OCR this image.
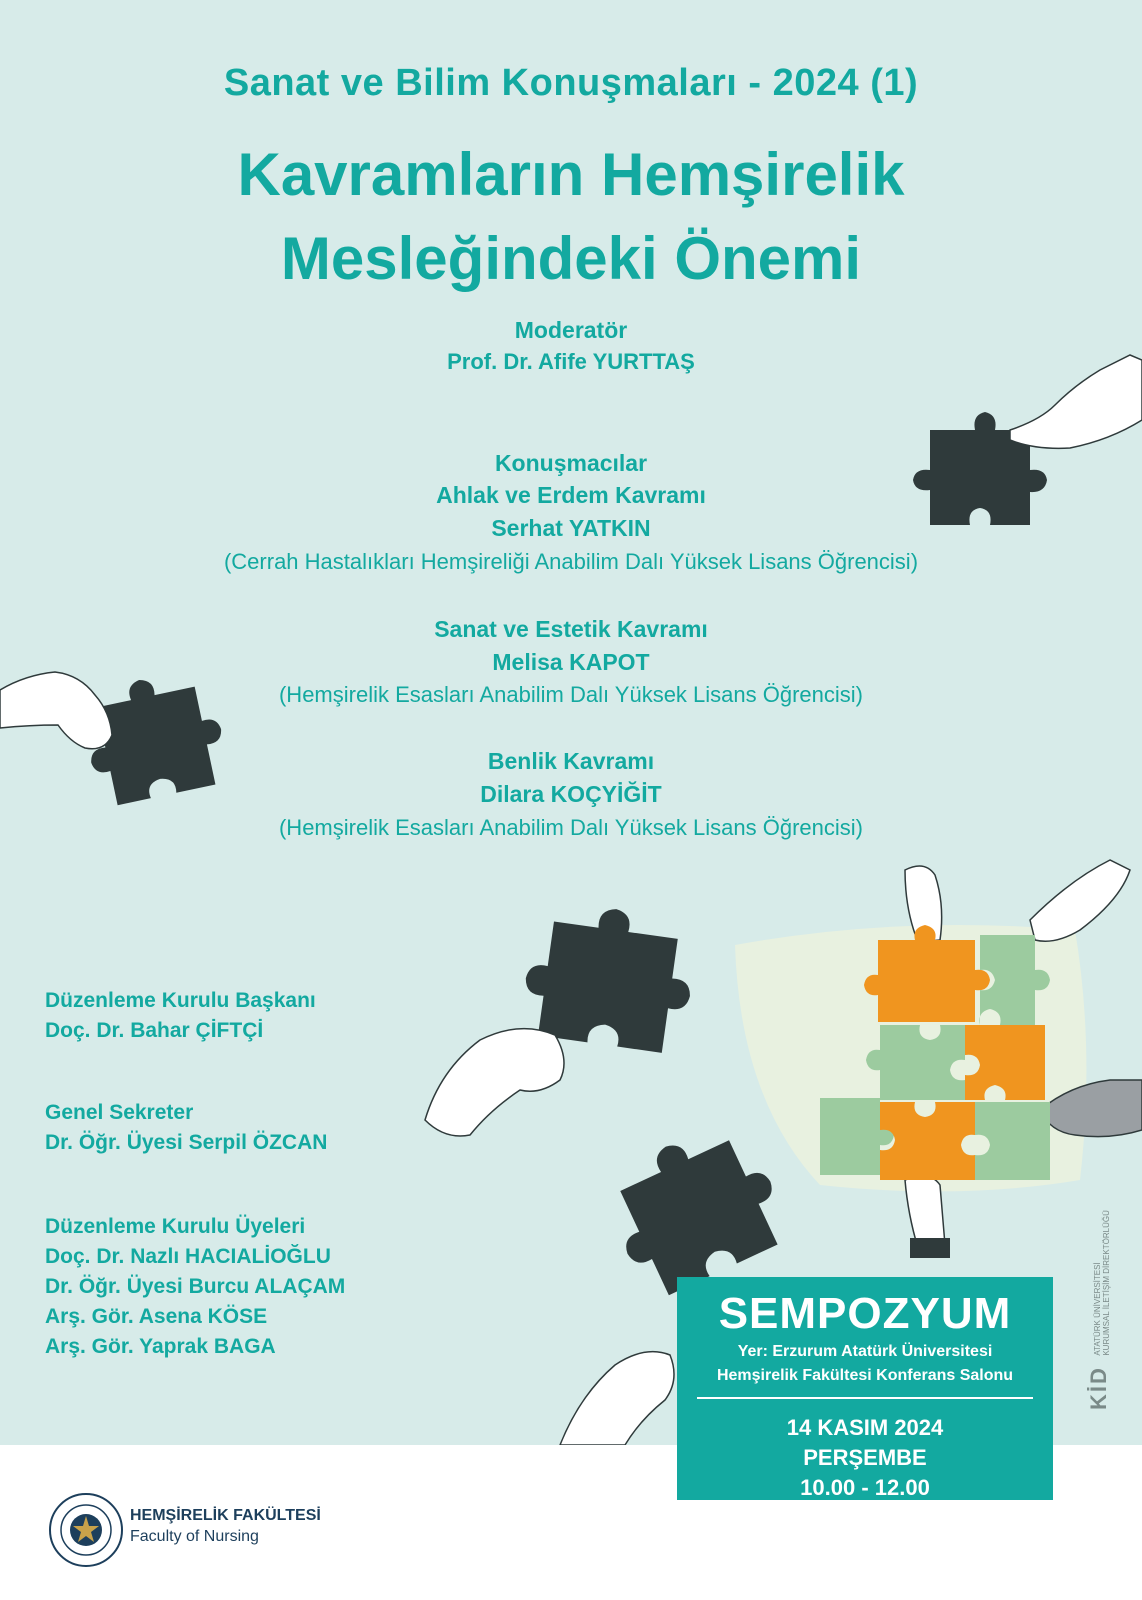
Sanat ve Bilim Konuşmaları - 2024 (1)
Kavramların Hemşirelik
Mesleğindeki Önemi
Moderatör
Prof. Dr. Afife YURTTAŞ
Konuşmacılar
Ahlak ve Erdem Kavramı
Serhat YATKIN
(Cerrah Hastalıkları Hemşireliği Anabilim Dalı Yüksek Lisans Öğrencisi)
Sanat ve Estetik Kavramı
Melisa KAPOT
(Hemşirelik Esasları Anabilim Dalı Yüksek Lisans Öğrencisi)
Benlik Kavramı
Dilara KOÇYİĞİT
(Hemşirelik Esasları Anabilim Dalı Yüksek Lisans Öğrencisi)
Düzenleme Kurulu Başkanı
Doç. Dr. Bahar ÇİFTÇİ
Genel Sekreter
Dr. Öğr. Üyesi Serpil ÖZCAN
Düzenleme Kurulu Üyeleri
Doç. Dr. Nazlı HACIALİOĞLU
Dr. Öğr. Üyesi Burcu ALAÇAM
Arş. Gör. Asena KÖSE
Arş. Gör. Yaprak BAGA
SEMPOZYUM
Yer: Erzurum Atatürk Üniversitesi
Hemşirelik Fakültesi Konferans Salonu
14 KASIM 2024
PERŞEMBE
10.00 - 12.00
KİD ATATÜRK ÜNİVERSİTESİ
KURUMSAL İLETİŞİM DİREKTÖRLÜĞÜ
HEMŞİRELİK FAKÜLTESİ
Faculty of Nursing
